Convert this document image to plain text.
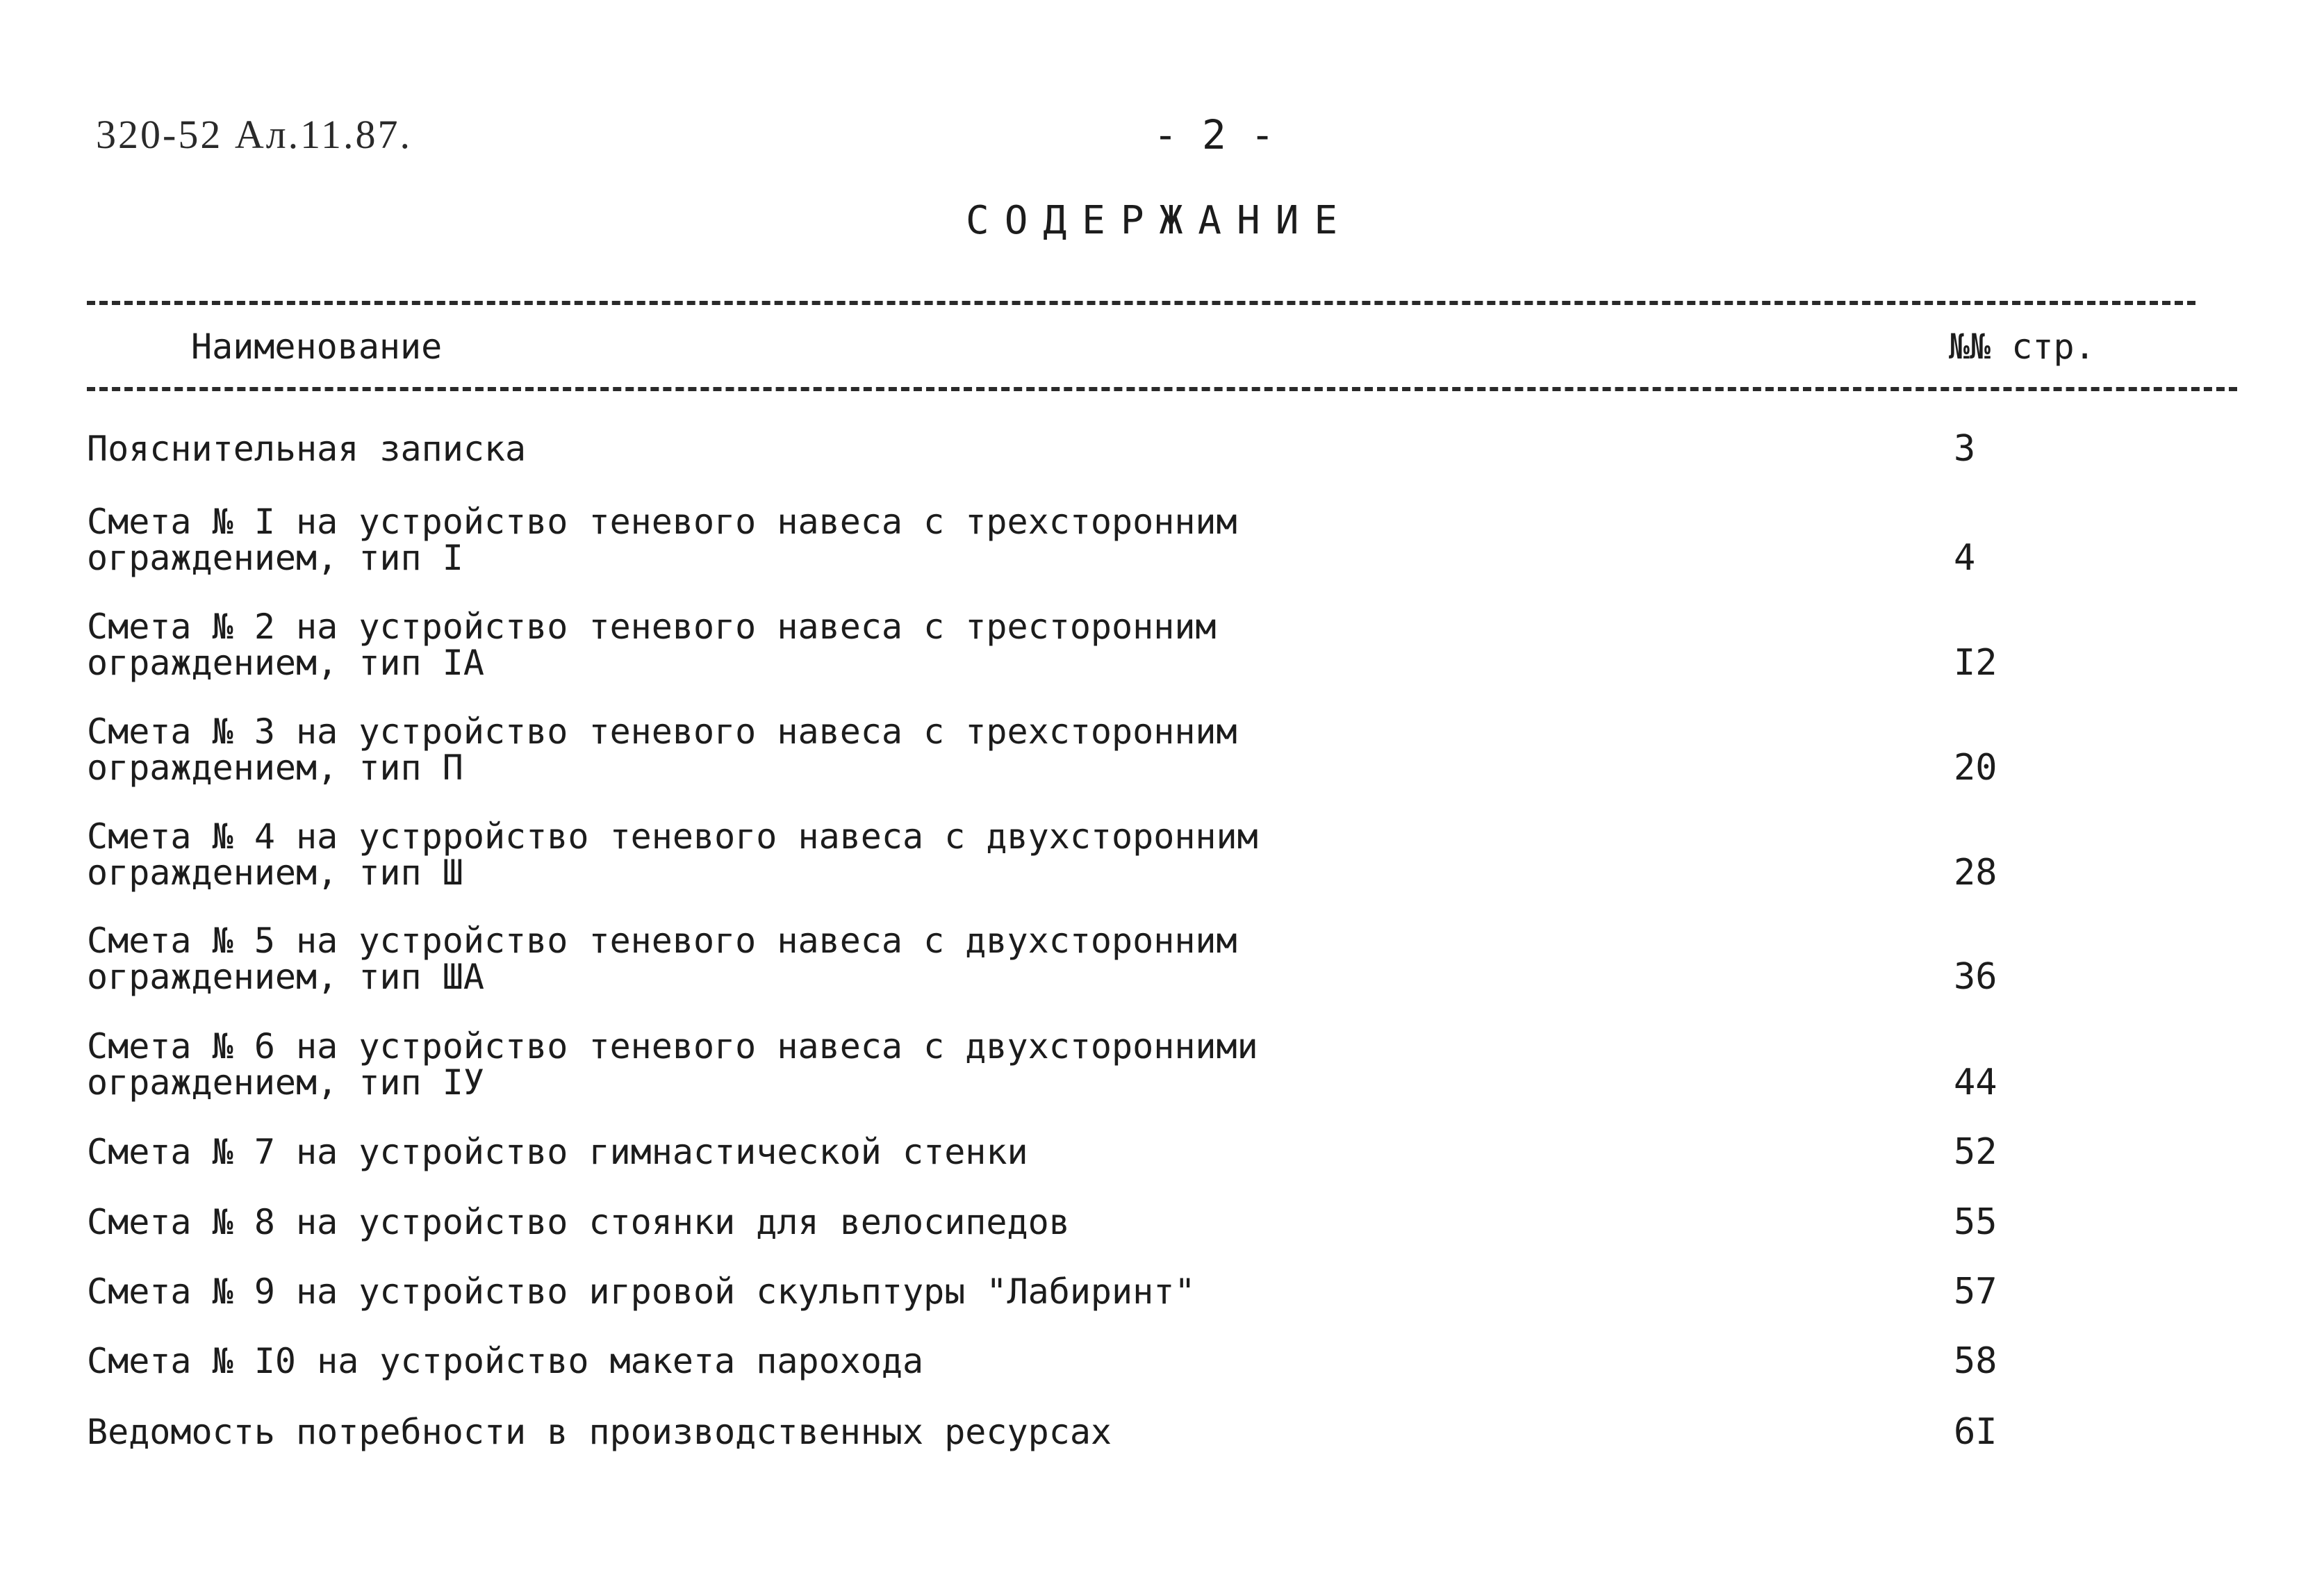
320-52 Ал.11.87.	- 2 -
СОДЕРЖАНИЕ
Наименование	№№ стр.
Пояснительная записка	3
Смета № I на устройство теневого навеса с трехсторонним
ограждением, тип I	4
Смета № 2 на устройство теневого навеса с тресторонним
ограждением, тип IA	I2
Смета № 3 на устройство теневого навеса с трехсторонним
ограждением, тип П	20
Смета № 4 на устрройство теневого навеса с двухсторонним
ограждением, тип Ш	28
Смета № 5 на устройство теневого навеса с двухсторонним
ограждением, тип ША	36
Смета № 6 на устройство теневого навеса с двухсторонними
ограждением, тип IУ	44
Смета № 7 на устройство гимнастической стенки	52
Смета № 8 на устройство стоянки для велосипедов	55
Смета № 9 на устройство игровой скульптуры "Лабиринт"	57
Смета № I0 на устройство макета парохода	58
Ведомость потребности в производственных ресурсах	6I
